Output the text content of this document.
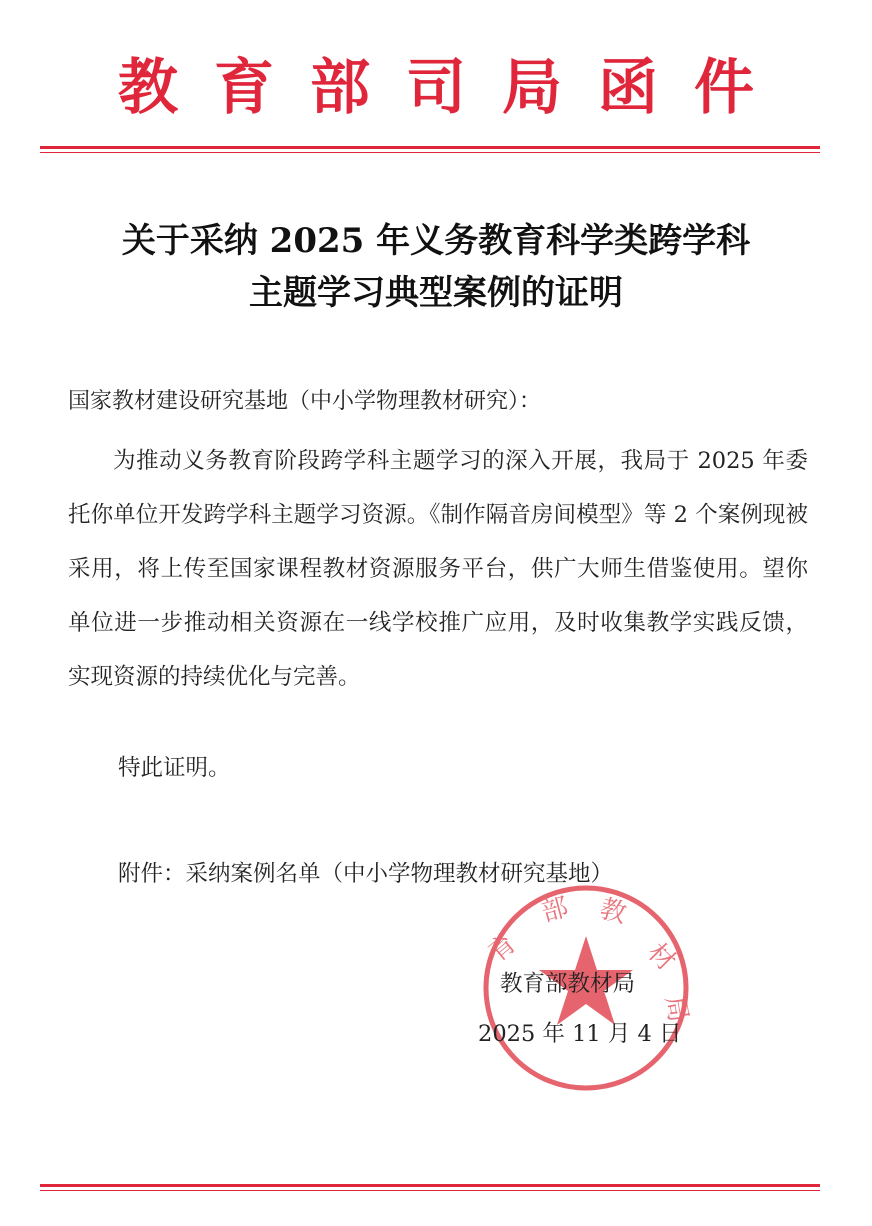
教育部司局函件
关于采纳 2025 年义务教育科学类跨学科
主题学习典型案例的证明
国家教材建设研究基地（中小学物理教材研究）：

为推动义务教育阶段跨学科主题学习的深入开展，我局于 2025 年委托你单位开发跨学科主题学习资源。《制作隔音房间模型》等 2 个案例现被采用，将上传至国家课程教材资源服务平台，供广大师生借鉴使用。望你单位进一步推动相关资源在一线学校推广应用，及时收集教学实践反馈，实现资源的持续优化与完善。

特此证明。
附件：采纳案例名单（中小学物理教材研究基地）
育
部 教
材
局
教育部教材局
2025 年 11 月 4 日
